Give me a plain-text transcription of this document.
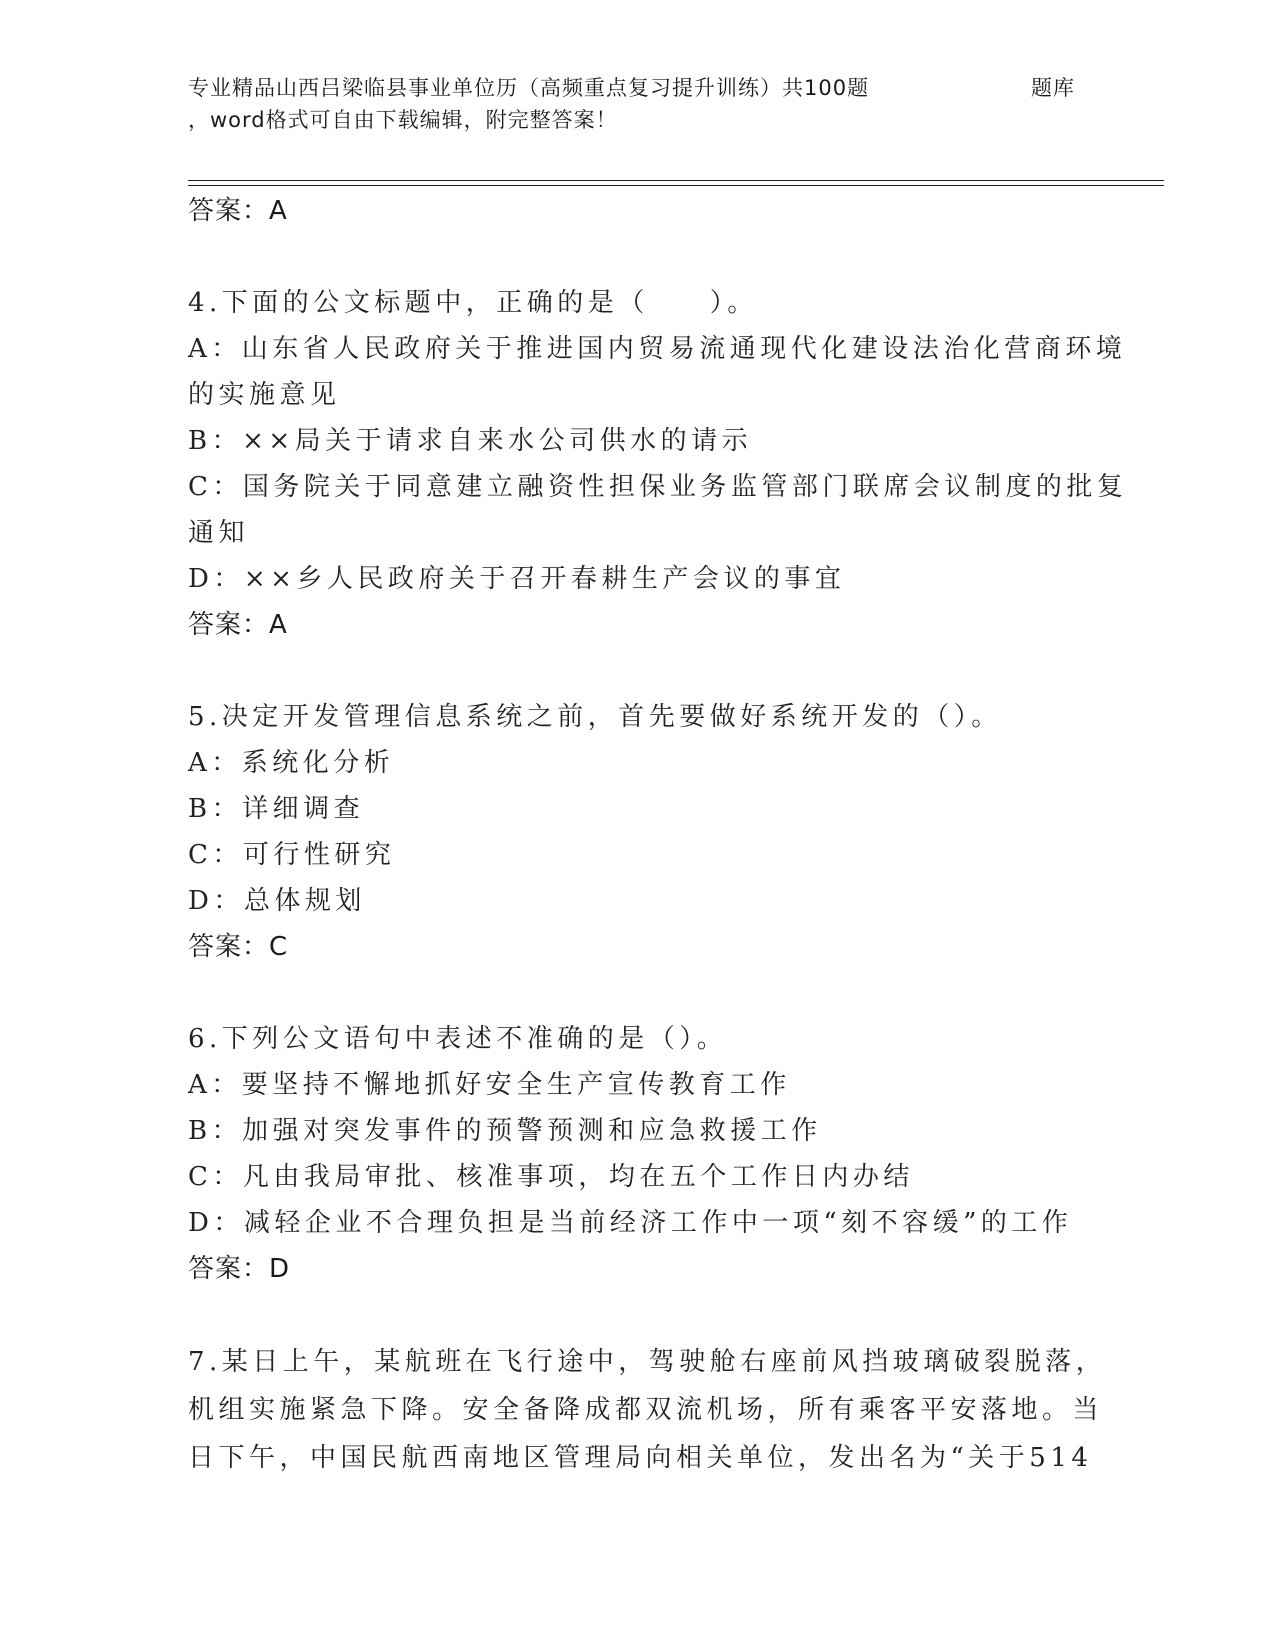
专业精品山西吕梁临县事业单位历（高频重点复习提升训练）共100题	题库
，word格式可自由下载编辑，附完整答案！
答案：A
4.下面的公文标题中，正确的是（　　）。
A：山东省人民政府关于推进国内贸易流通现代化建设法治化营商环境
的实施意见
B：××局关于请求自来水公司供水的请示
C：国务院关于同意建立融资性担保业务监管部门联席会议制度的批复
通知
D：××乡人民政府关于召开春耕生产会议的事宜
答案：A
5.决定开发管理信息系统之前，首先要做好系统开发的（）。
A：系统化分析
B：详细调查
C：可行性研究
D：总体规划
答案：C
6.下列公文语句中表述不准确的是（）。
A：要坚持不懈地抓好安全生产宣传教育工作
B：加强对突发事件的预警预测和应急救援工作
C：凡由我局审批、核准事项，均在五个工作日内办结
D：减轻企业不合理负担是当前经济工作中一项“刻不容缓”的工作
答案：D
7.某日上午，某航班在飞行途中，驾驶舱右座前风挡玻璃破裂脱落，
机组实施紧急下降。安全备降成都双流机场，所有乘客平安落地。当
日下午，中国民航西南地区管理局向相关单位，发出名为“关于514
